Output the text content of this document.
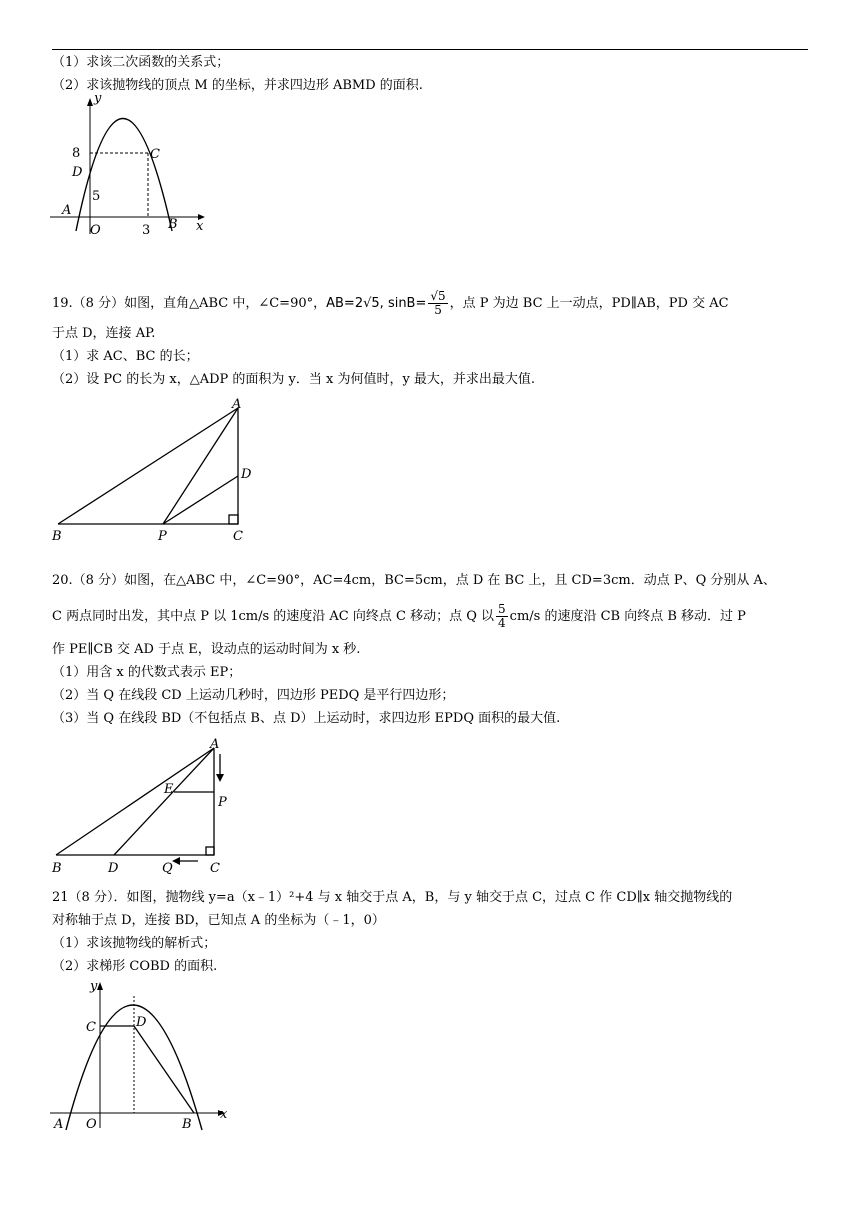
（1）求该二次函数的关系式；
（2）求该抛物线的顶点 M 的坐标，并求四边形 ABMD 的面积.
y
x
O
A
B
C
D
8
5
3
19.（8 分）如图，直角△ABC 中，∠C=90°，AB=2√5, $\sin B= \frac{√5}{5}$ ，点 P 为边 BC 上一动点，PD∥AB，PD 交 AC
于点 D，连接 AP.
（1）求 AC、BC 的长；
（2）设 PC 的长为 x，△ADP 的面积为 y．当 x 为何值时，y 最大，并求出最大值.
A
B	C
D
P
20.（8 分）如图，在△ABC 中，∠C=90°，AC=4cm，BC=5cm，点 D 在 BC 上，且 CD=3cm．动点 P、Q 分别从 A、
C 两点同时出发，其中点 P 以 1cm/s 的速度沿 AC 向终点 C 移动；点 Q 以 $\frac{5}{4} cm/s$ 的速度沿 CB 向终点 B 移动．过 P
作 PE∥CB 交 AD 于点 E，设动点的运动时间为 x 秒.
（1）用含 x 的代数式表示 EP；
（2）当 Q 在线段 CD 上运动几秒时，四边形 PEDQ 是平行四边形；
（3）当 Q 在线段 BD（不包括点 B、点 D）上运动时，求四边形 EPDQ 面积的最大值.
A
B	C
D
E
P
Q
21（8 分）．如图，抛物线 y=a（x﹣1）²+4 与 x 轴交于点 A，B，与 y 轴交于点 C，过点 C 作 CD∥x 轴交抛物线的
对称轴于点 D，连接 BD，已知点 A 的坐标为（﹣1，0）
（1）求该抛物线的解析式；
（2）求梯形 COBD 的面积.
y
x
O
A	B
C	D
